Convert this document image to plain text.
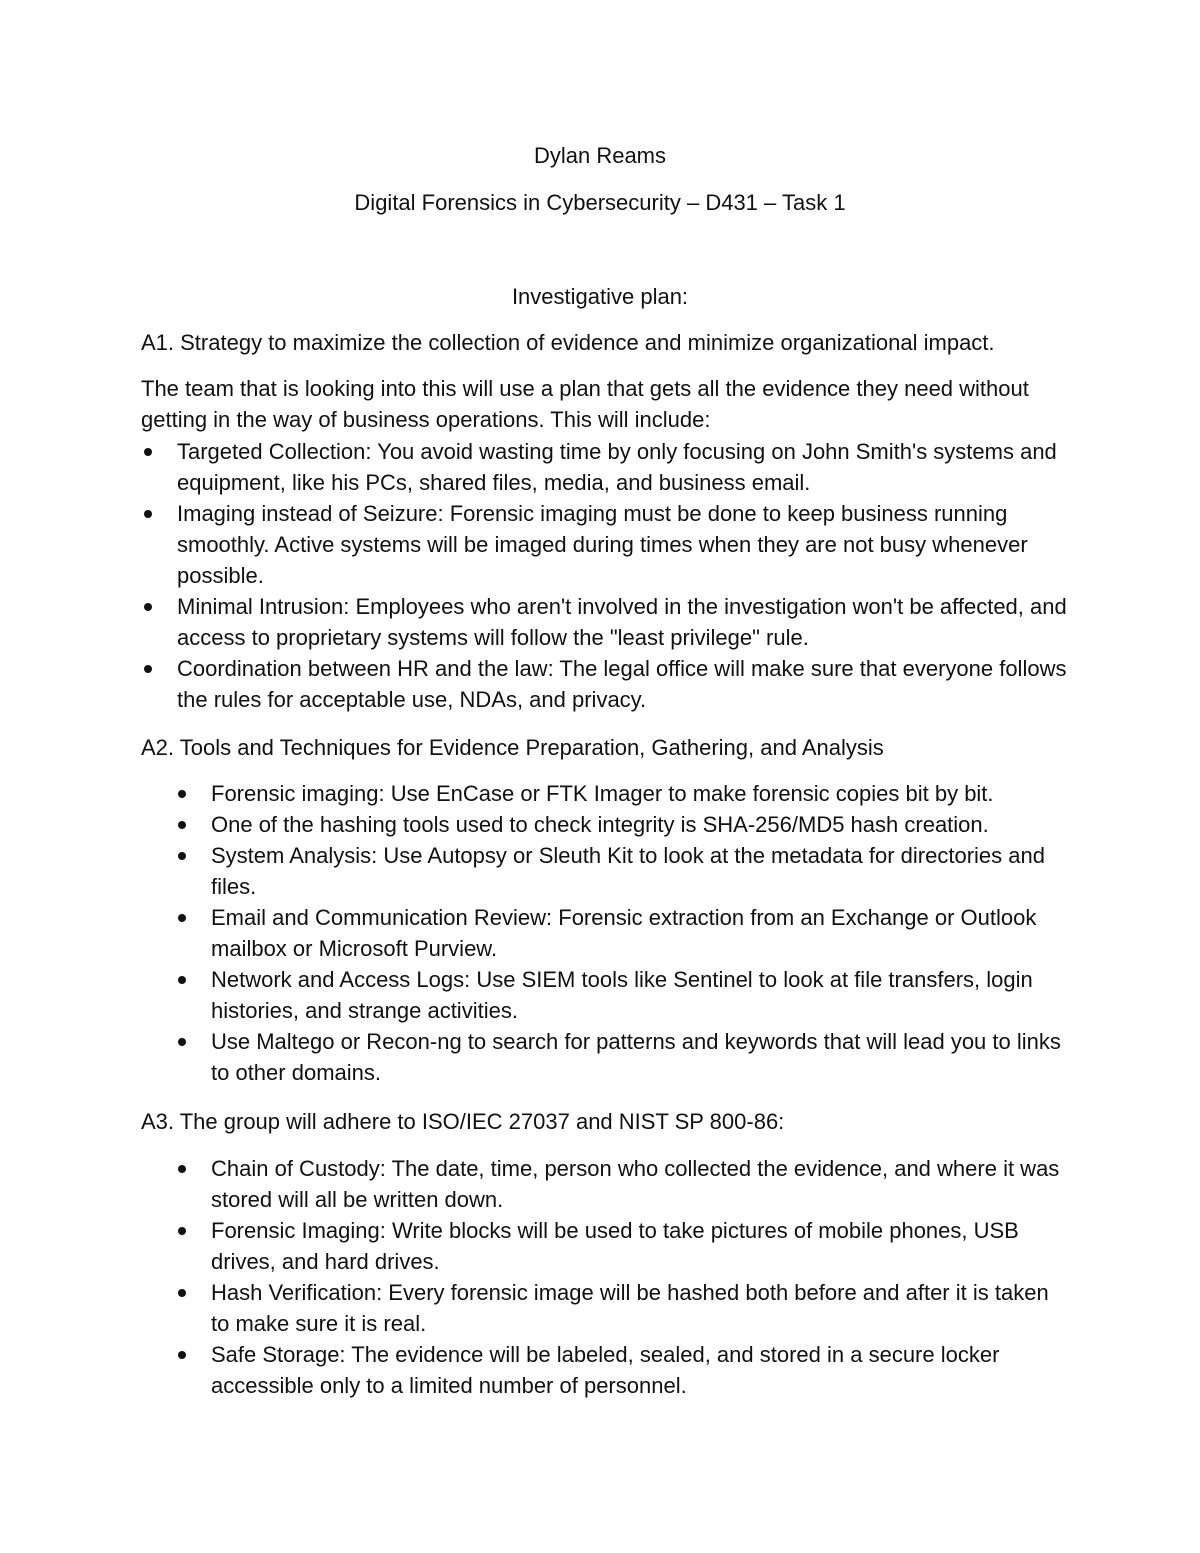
Dylan Reams
Digital Forensics in Cybersecurity – D431 – Task 1
Investigative plan:
A1. Strategy to maximize the collection of evidence and minimize organizational impact.
The team that is looking into this will use a plan that gets all the evidence they need without getting in the way of business operations. This will include:
Targeted Collection: You avoid wasting time by only focusing on John Smith's systems and equipment, like his PCs, shared files, media, and business email.
Imaging instead of Seizure: Forensic imaging must be done to keep business running smoothly. Active systems will be imaged during times when they are not busy whenever possible.
Minimal Intrusion: Employees who aren't involved in the investigation won't be affected, and access to proprietary systems will follow the "least privilege" rule.
Coordination between HR and the law: The legal office will make sure that everyone follows the rules for acceptable use, NDAs, and privacy.
A2. Tools and Techniques for Evidence Preparation, Gathering, and Analysis
Forensic imaging: Use EnCase or FTK Imager to make forensic copies bit by bit.
One of the hashing tools used to check integrity is SHA-256/MD5 hash creation.
System Analysis: Use Autopsy or Sleuth Kit to look at the metadata for directories and files.
Email and Communication Review: Forensic extraction from an Exchange or Outlook mailbox or Microsoft Purview.
Network and Access Logs: Use SIEM tools like Sentinel to look at file transfers, login histories, and strange activities.
Use Maltego or Recon-ng to search for patterns and keywords that will lead you to links to other domains.
A3. The group will adhere to ISO/IEC 27037 and NIST SP 800-86:
Chain of Custody: The date, time, person who collected the evidence, and where it was stored will all be written down.
Forensic Imaging: Write blocks will be used to take pictures of mobile phones, USB drives, and hard drives.
Hash Verification: Every forensic image will be hashed both before and after it is taken to make sure it is real.
Safe Storage: The evidence will be labeled, sealed, and stored in a secure locker accessible only to a limited number of personnel.
